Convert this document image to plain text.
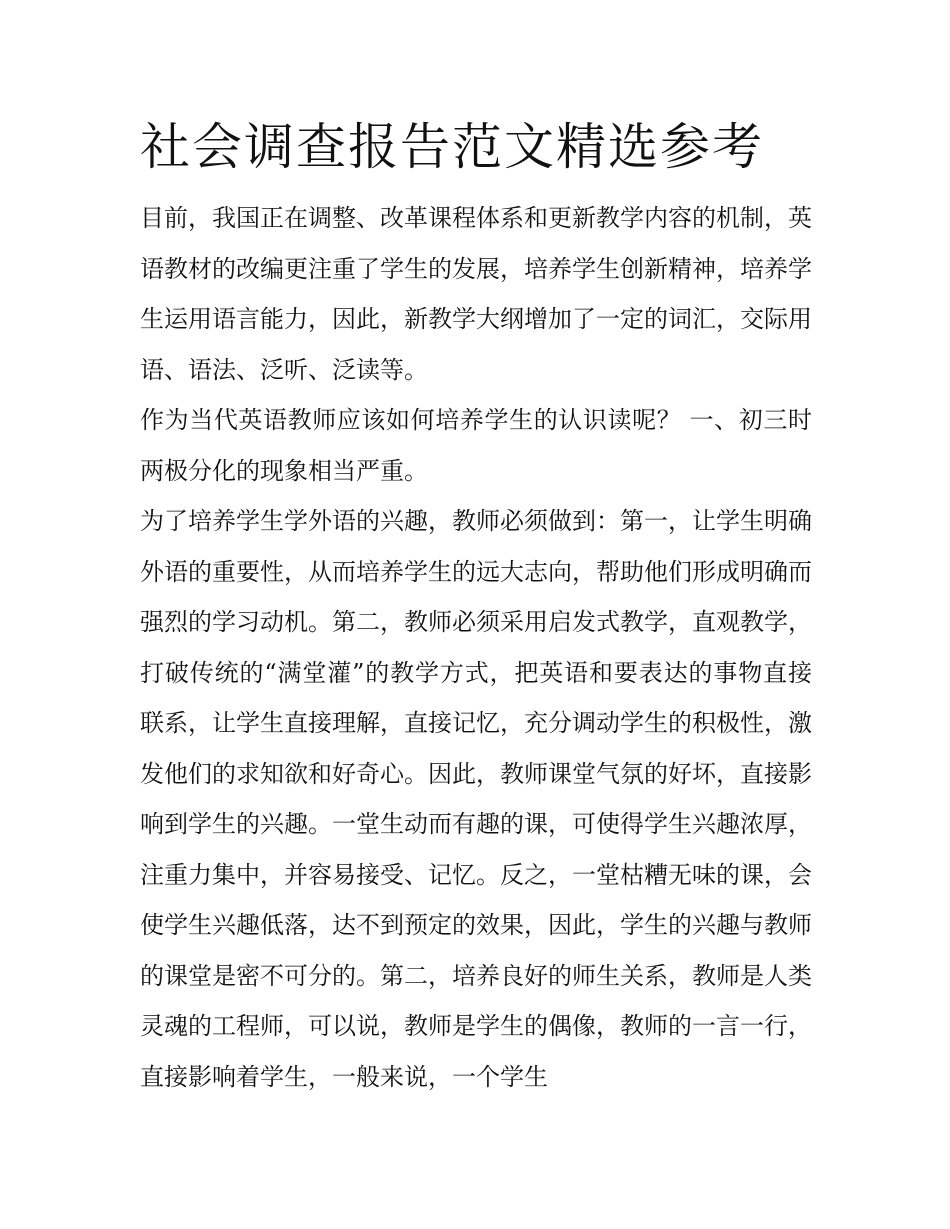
社会调查报告范文精选参考

目前，我国正在调整、改革课程体系和更新教学内容的机制，英语教材的改编更注重了学生的发展，培养学生创新精神，培养学生运用语言能力，因此，新教学大纲增加了一定的词汇，交际用语、语法、泛听、泛读等。

作为当代英语教师应该如何培养学生的认识读呢？ 一、初三时两极分化的现象相当严重。

为了培养学生学外语的兴趣，教师必须做到：第一，让学生明确外语的重要性，从而培养学生的远大志向，帮助他们形成明确而强烈的学习动机。第二，教师必须采用启发式教学，直观教学，打破传统的“满堂灌”的教学方式，把英语和要表达的事物直接联系，让学生直接理解，直接记忆，充分调动学生的积极性，激发他们的求知欲和好奇心。因此，教师课堂气氛的好坏，直接影响到学生的兴趣。一堂生动而有趣的课，可使得学生兴趣浓厚，注重力集中，并容易接受、记忆。反之，一堂枯糟无味的课，会使学生兴趣低落，达不到预定的效果，因此，学生的兴趣与教师的课堂是密不可分的。第二，培养良好的师生关系，教师是人类灵魂的工程师，可以说，教师是学生的偶像，教师的一言一行，直接影响着学生，一般来说，一个学生
